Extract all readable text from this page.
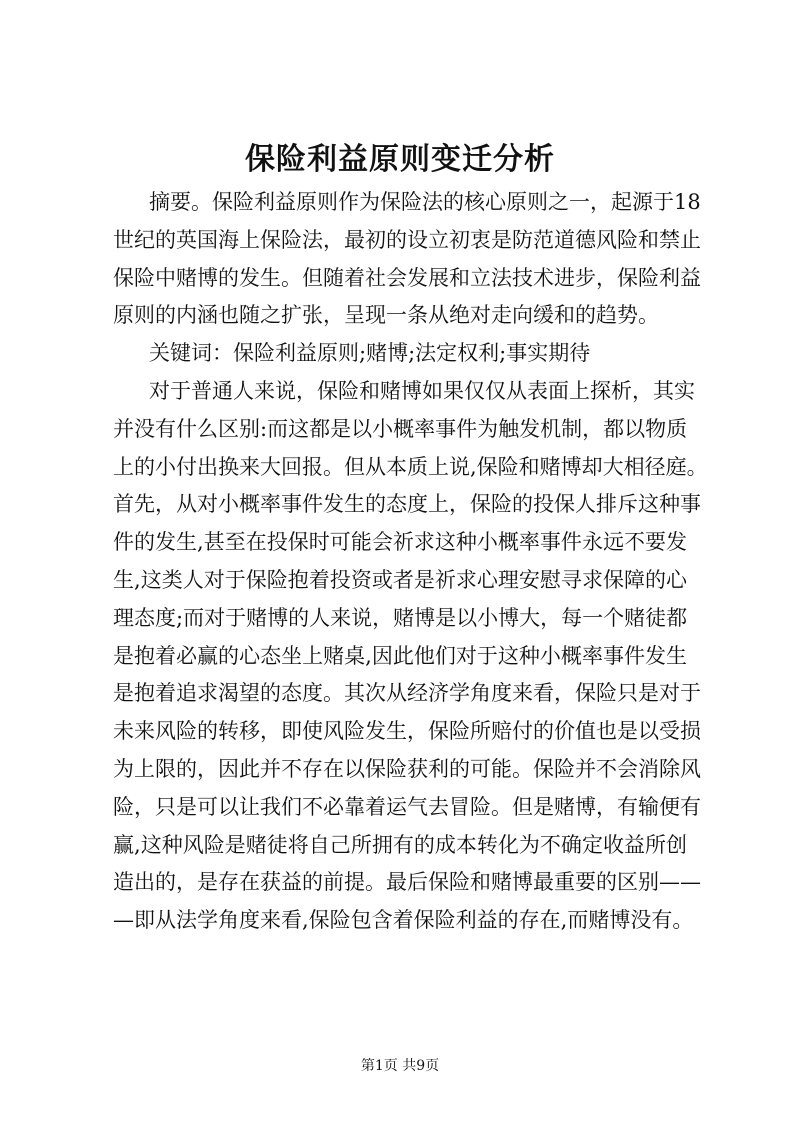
保险利益原则变迁分析
摘要。保险利益原则作为保险法的核心原则之一，起源于18
世纪的英国海上保险法，最初的设立初衷是防范道德风险和禁止
保险中赌博的发生。但随着社会发展和立法技术进步，保险利益
原则的内涵也随之扩张，呈现一条从绝对走向缓和的趋势。
关键词：保险利益原则;赌博;法定权利;事实期待
对于普通人来说，保险和赌博如果仅仅从表面上探析，其实
并没有什么区别:而这都是以小概率事件为触发机制，都以物质
上的小付出换来大回报。但从本质上说,保险和赌博却大相径庭。
首先，从对小概率事件发生的态度上，保险的投保人排斥这种事
件的发生,甚至在投保时可能会祈求这种小概率事件永远不要发
生,这类人对于保险抱着投资或者是祈求心理安慰寻求保障的心
理态度;而对于赌博的人来说，赌博是以小博大，每一个赌徒都
是抱着必赢的心态坐上赌桌,因此他们对于这种小概率事件发生
是抱着追求渴望的态度。其次从经济学角度来看，保险只是对于
未来风险的转移，即使风险发生，保险所赔付的价值也是以受损
为上限的，因此并不存在以保险获利的可能。保险并不会消除风
险，只是可以让我们不必靠着运气去冒险。但是赌博，有输便有
赢,这种风险是赌徒将自己所拥有的成本转化为不确定收益所创
造出的，是存在获益的前提。最后保险和赌博最重要的区别——
—即从法学角度来看,保险包含着保险利益的存在,而赌博没有。
第1页 共9页
